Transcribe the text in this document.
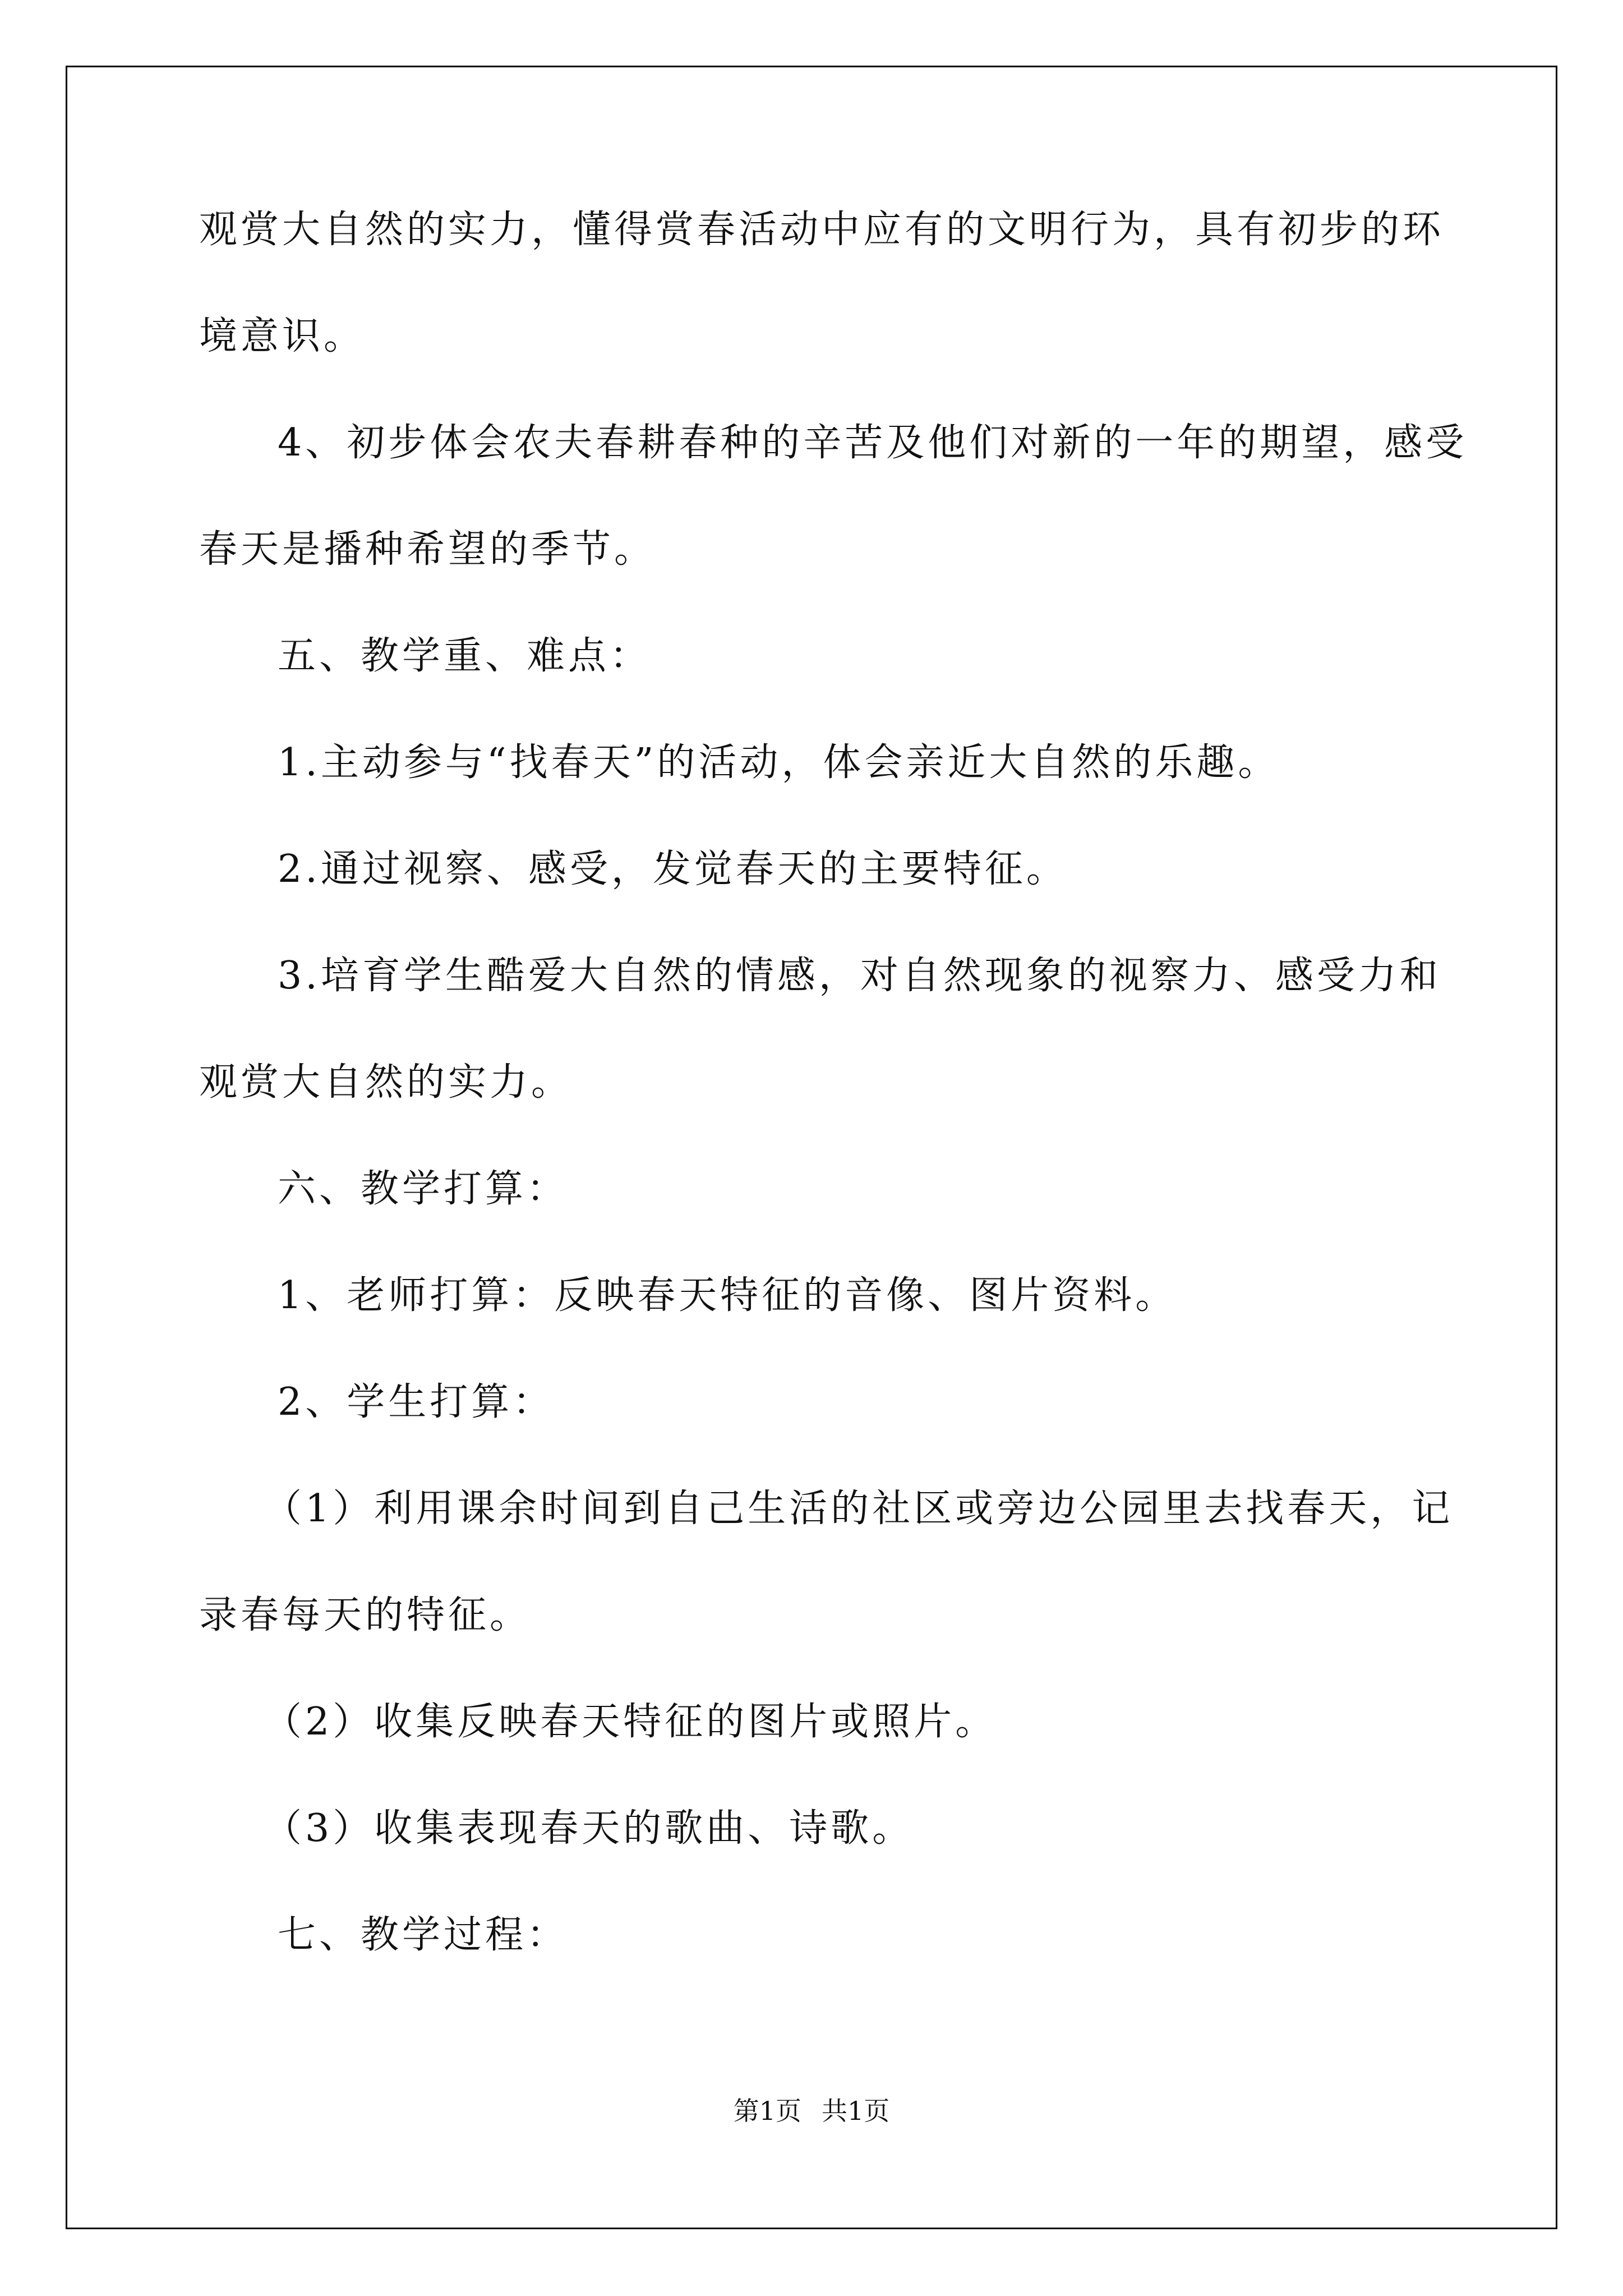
观赏大自然的实力，懂得赏春活动中应有的文明行为，具有初步的环
境意识。
4、初步体会农夫春耕春种的辛苦及他们对新的一年的期望，感受
春天是播种希望的季节。
五、教学重、难点：
1.主动参与“找春天”的活动，体会亲近大自然的乐趣。
2.通过视察、感受，发觉春天的主要特征。
3.培育学生酷爱大自然的情感，对自然现象的视察力、感受力和
观赏大自然的实力。
六、教学打算：
1、老师打算：反映春天特征的音像、图片资料。
2、学生打算：
（1）利用课余时间到自己生活的社区或旁边公园里去找春天，记
录春每天的特征。
（2）收集反映春天特征的图片或照片。
（3）收集表现春天的歌曲、诗歌。
七、教学过程：
第1页 共1页
